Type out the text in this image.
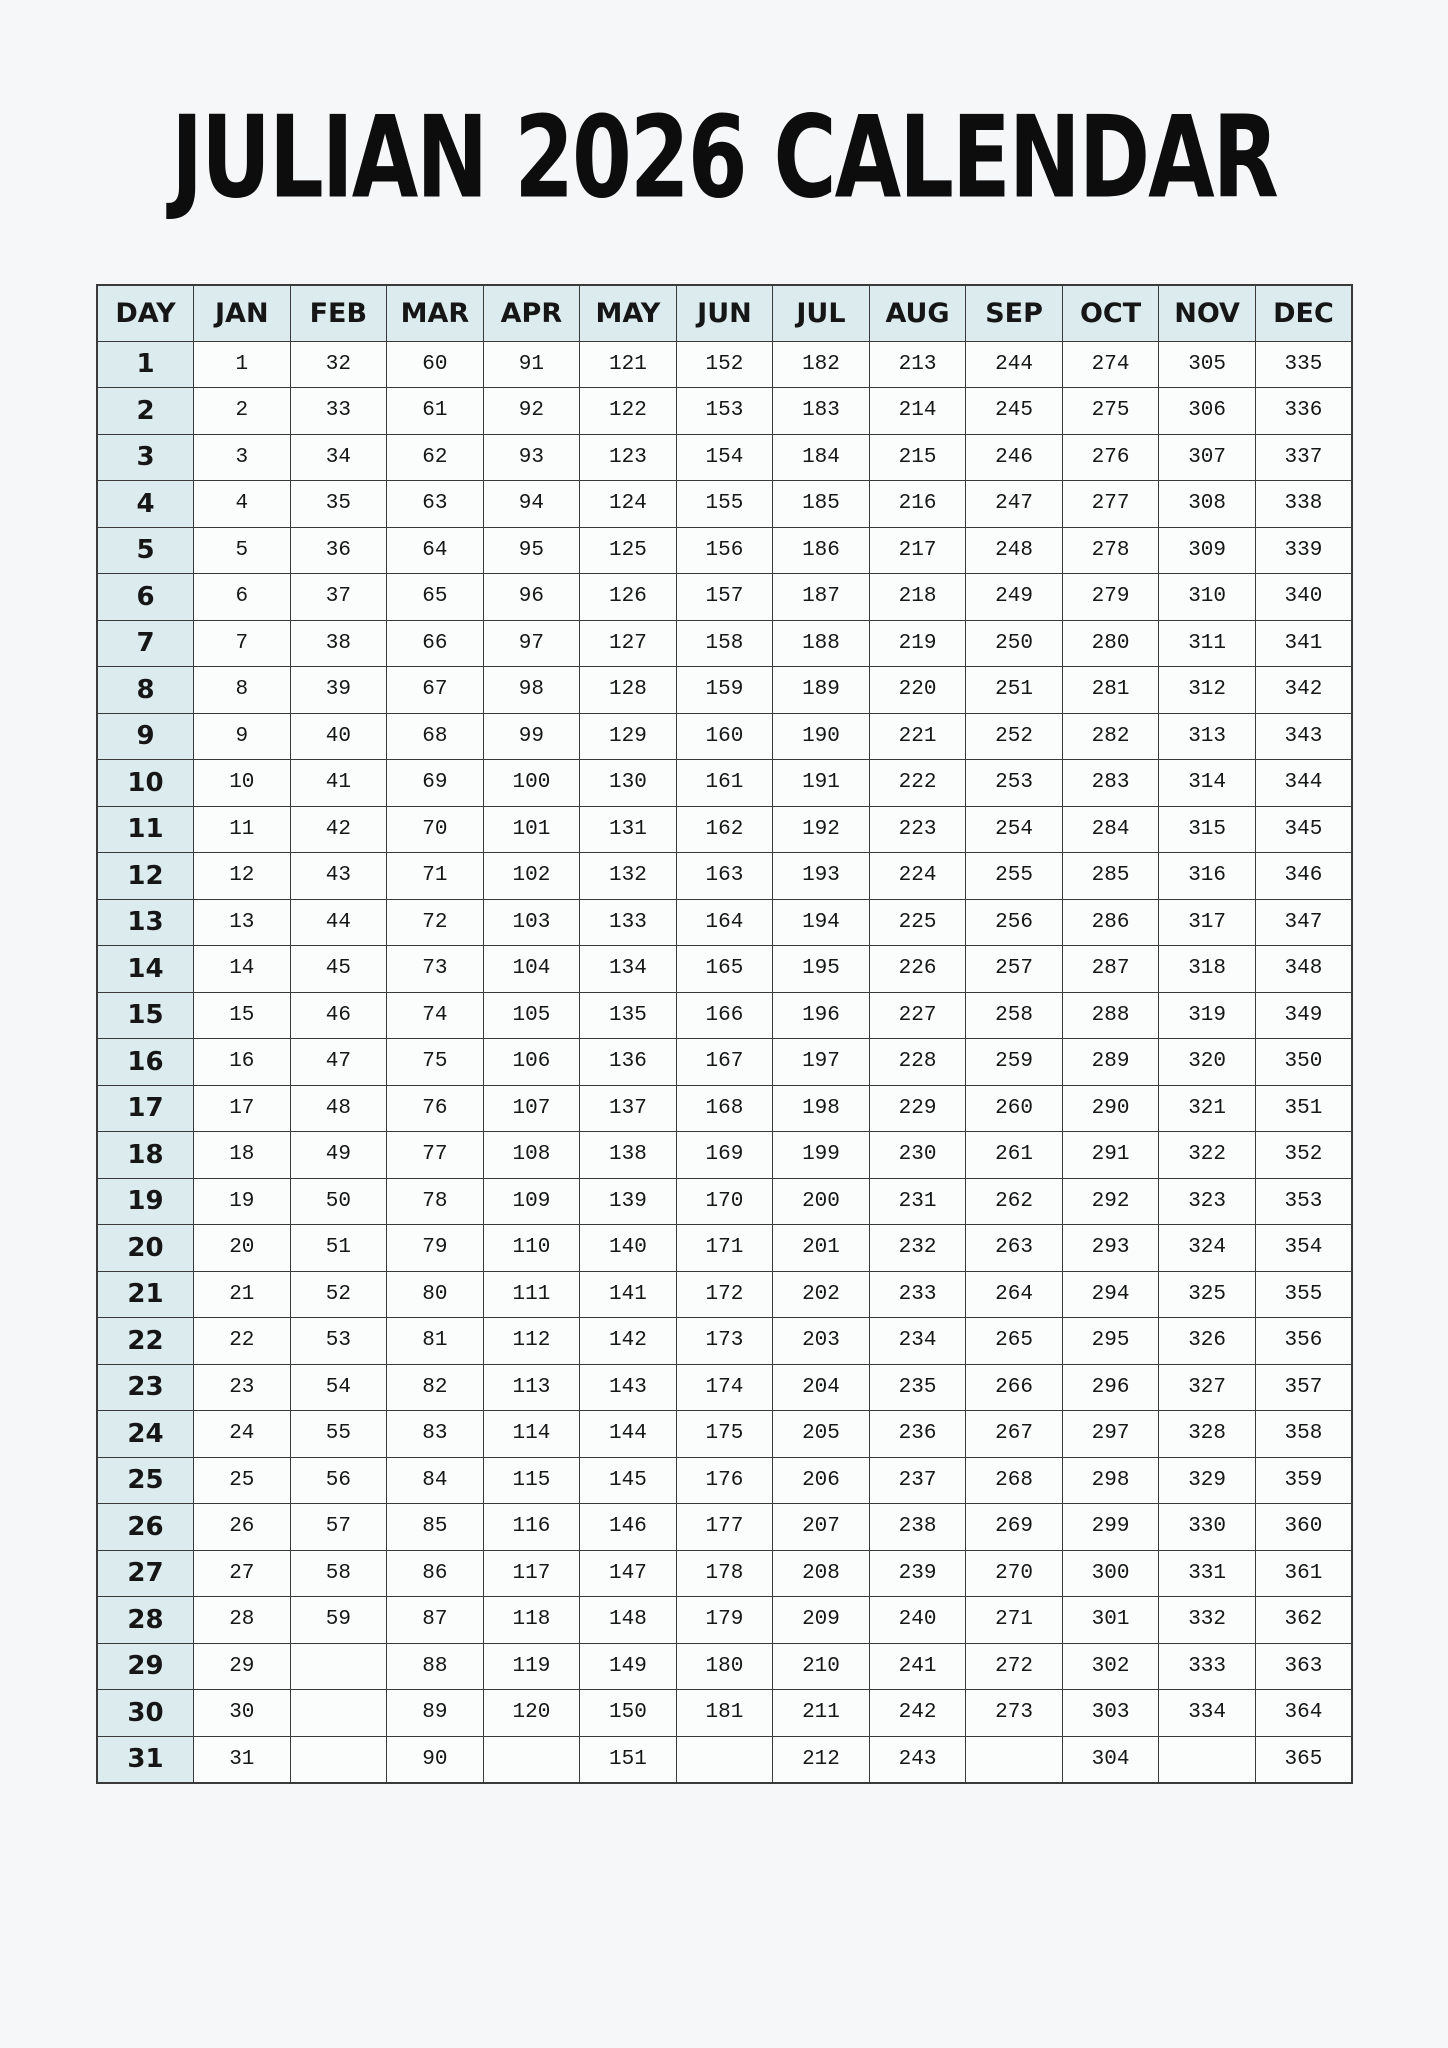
JULIAN 2026 CALENDAR
DAY	JAN	FEB	MAR	APR	MAY	JUN	JUL	AUG	SEP	OCT	NOV	DEC
1	1	32	60	91	121	152	182	213	244	274	305	335
2	2	33	61	92	122	153	183	214	245	275	306	336
3	3	34	62	93	123	154	184	215	246	276	307	337
4	4	35	63	94	124	155	185	216	247	277	308	338
5	5	36	64	95	125	156	186	217	248	278	309	339
6	6	37	65	96	126	157	187	218	249	279	310	340
7	7	38	66	97	127	158	188	219	250	280	311	341
8	8	39	67	98	128	159	189	220	251	281	312	342
9	9	40	68	99	129	160	190	221	252	282	313	343
10	10	41	69	100	130	161	191	222	253	283	314	344
11	11	42	70	101	131	162	192	223	254	284	315	345
12	12	43	71	102	132	163	193	224	255	285	316	346
13	13	44	72	103	133	164	194	225	256	286	317	347
14	14	45	73	104	134	165	195	226	257	287	318	348
15	15	46	74	105	135	166	196	227	258	288	319	349
16	16	47	75	106	136	167	197	228	259	289	320	350
17	17	48	76	107	137	168	198	229	260	290	321	351
18	18	49	77	108	138	169	199	230	261	291	322	352
19	19	50	78	109	139	170	200	231	262	292	323	353
20	20	51	79	110	140	171	201	232	263	293	324	354
21	21	52	80	111	141	172	202	233	264	294	325	355
22	22	53	81	112	142	173	203	234	265	295	326	356
23	23	54	82	113	143	174	204	235	266	296	327	357
24	24	55	83	114	144	175	205	236	267	297	328	358
25	25	56	84	115	145	176	206	237	268	298	329	359
26	26	57	85	116	146	177	207	238	269	299	330	360
27	27	58	86	117	147	178	208	239	270	300	331	361
28	28	59	87	118	148	179	209	240	271	301	332	362
29	29		88	119	149	180	210	241	272	302	333	363
30	30		89	120	150	181	211	242	273	303	334	364
31	31		90		151		212	243		304		365
